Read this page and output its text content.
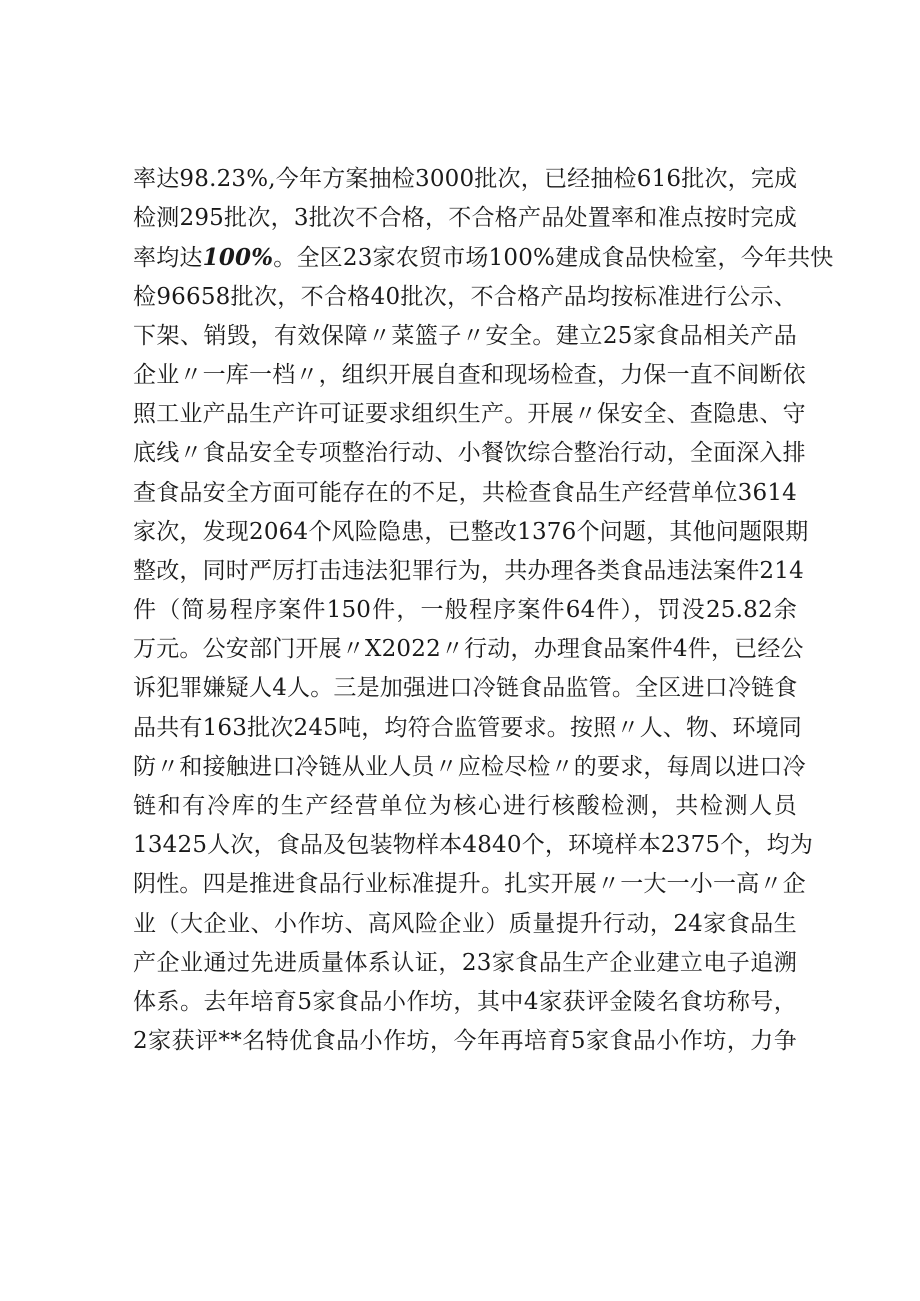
率达98.23%,今年方案抽检3000批次，已经抽检616批次，完成
检测295批次，3批次不合格，不合格产品处置率和准点按时完成
率均达100%。全区23家农贸市场100%建成食品快检室，今年共快
检96658批次，不合格40批次，不合格产品均按标准进行公示、
下架、销毁，有效保障〃菜篮子〃安全。建立25家食品相关产品
企业〃一库一档〃，组织开展自查和现场检查，力保一直不间断依
照工业产品生产许可证要求组织生产。开展〃保安全、查隐患、守
底线〃食品安全专项整治行动、小餐饮综合整治行动，全面深入排
查食品安全方面可能存在的不足，共检查食品生产经营单位3614
家次，发现2064个风险隐患，已整改1376个问题，其他问题限期
整改，同时严厉打击违法犯罪行为，共办理各类食品违法案件214
件（简易程序案件150件，一般程序案件64件），罚没25.82余
万元。公安部门开展〃X2022〃行动，办理食品案件4件，已经公
诉犯罪嫌疑人4人。三是加强进口冷链食品监管。全区进口冷链食
品共有163批次245吨，均符合监管要求。按照〃人、物、环境同
防〃和接触进口冷链从业人员〃应检尽检〃的要求，每周以进口冷
链和有冷库的生产经营单位为核心进行核酸检测，共检测人员
13425人次，食品及包装物样本4840个，环境样本2375个，均为
阴性。四是推进食品行业标准提升。扎实开展〃一大一小一高〃企
业（大企业、小作坊、高风险企业）质量提升行动，24家食品生
产企业通过先进质量体系认证，23家食品生产企业建立电子追溯
体系。去年培育5家食品小作坊，其中4家获评金陵名食坊称号，
2家获评**名特优食品小作坊，今年再培育5家食品小作坊，力争
